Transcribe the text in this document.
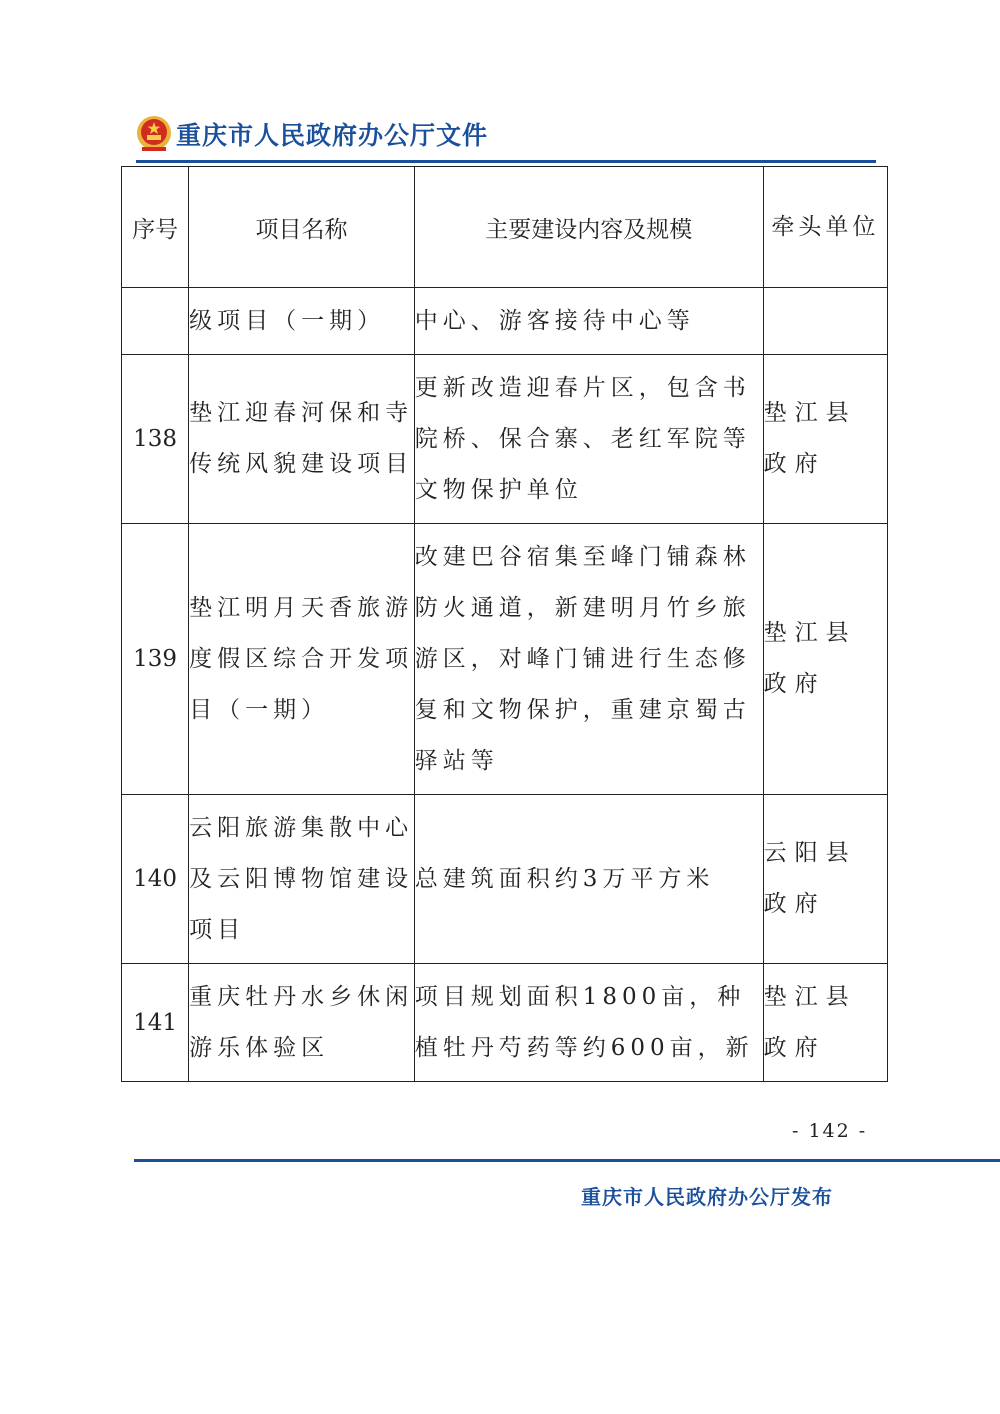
重庆市人民政府办公厅文件
序号	项目名称	主要建设内容及规模	牵头单位
	级项目（一期）	中心、游客接待中心等	
138	垫江迎春河保和寺传统风貌建设项目	更新改造迎春片区，包含书院桥、保合寨、老红军院等文物保护单位	垫江县政府
139	垫江明月天香旅游度假区综合开发项目（一期）	改建巴谷宿集至峰门铺森林防火通道，新建明月竹乡旅游区，对峰门铺进行生态修复和文物保护，重建京蜀古驿站等	垫江县政府
140	云阳旅游集散中心及云阳博物馆建设项目	总建筑面积约3万平方米	云阳县政府
141	重庆牡丹水乡休闲游乐体验区	项目规划面积1800亩，种植牡丹芍药等约600亩，新	垫江县政府
- 142 -
重庆市人民政府办公厅发布
